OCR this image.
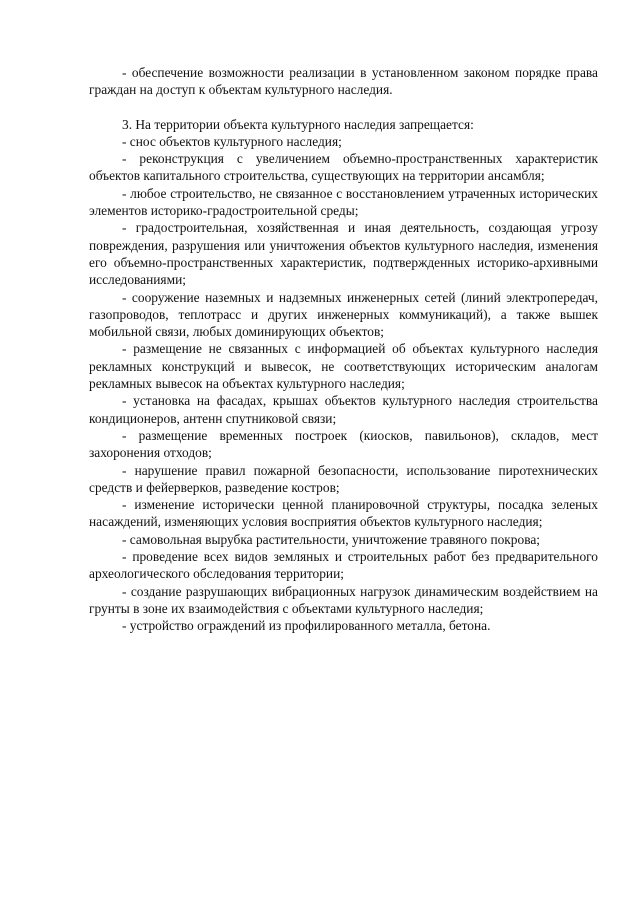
- обеспечение возможности реализации в установленном законом порядке права граждан на доступ к объектам культурного наследия.

3. На территории объекта культурного наследия запрещается:

- снос объектов культурного наследия;

- реконструкция с увеличением объемно-пространственных характеристик объектов капитального строительства, существующих на территории ансамбля;

- любое строительство, не связанное с восстановлением утраченных исторических элементов историко-градостроительной среды;

- градостроительная, хозяйственная и иная деятельность, создающая угрозу повреждения, разрушения или уничтожения объектов культурного наследия, изменения его объемно-пространственных характеристик, подтвержденных историко-архивными исследованиями;

- сооружение наземных и надземных инженерных сетей (линий электропередач, газопроводов, теплотрасс и других инженерных коммуникаций), а также вышек мобильной связи, любых доминирующих объектов;

- размещение не связанных с информацией об объектах культурного наследия рекламных конструкций и вывесок, не соответствующих историческим аналогам рекламных вывесок на объектах культурного наследия;

- установка на фасадах, крышах объектов культурного наследия строительства кондиционеров, антенн спутниковой связи;

- размещение временных построек (киосков, павильонов), складов, мест захоронения отходов;

- нарушение правил пожарной безопасности, использование пиротехнических средств и фейерверков, разведение костров;

- изменение исторически ценной планировочной структуры, посадка зеленых насаждений, изменяющих условия восприятия объектов культурного наследия;

- самовольная вырубка растительности, уничтожение травяного покрова;

- проведение всех видов земляных и строительных работ без предварительного археологического обследования территории;

- создание разрушающих вибрационных нагрузок динамическим воздействием на грунты в зоне их взаимодействия с объектами культурного наследия;

- устройство ограждений из профилированного металла, бетона.
